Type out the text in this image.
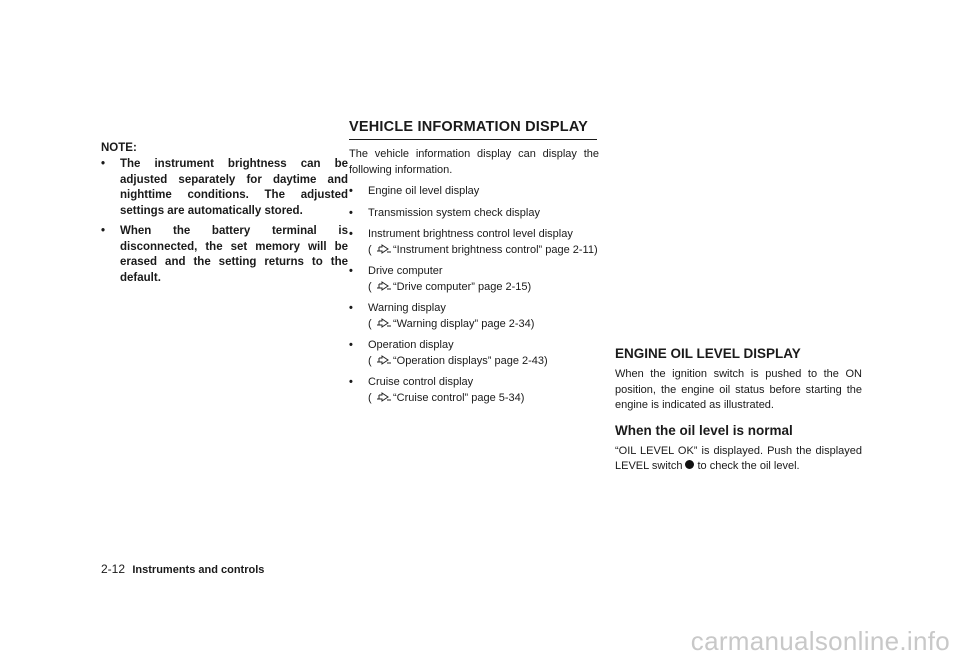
NOTE:
• The instrument brightness can be adjusted separately for daytime and nighttime conditions. The adjusted settings are automatically stored.
• When the battery terminal is disconnected, the set memory will be erased and the setting returns to the default.
VEHICLE INFORMATION DISPLAY

The vehicle information display can display the following information.

• Engine oil level display
• Transmission system check display
• Instrument brightness control level display
( “Instrument brightness control” page 2-11)
• Drive computer
( “Drive computer” page 2-15)
• Warning display
( “Warning display” page 2-34)
• Operation display
( “Operation displays” page 2-43)
• Cruise control display
( “Cruise control” page 5-34)
ENGINE OIL LEVEL DISPLAY

When the ignition switch is pushed to the ON position, the engine oil status before starting the engine is indicated as illustrated.

When the oil level is normal

“OIL LEVEL OK” is displayed. Push the displayed LEVEL switch to check the oil level.

2-12 Instruments and controls
carmanualsonline.info
